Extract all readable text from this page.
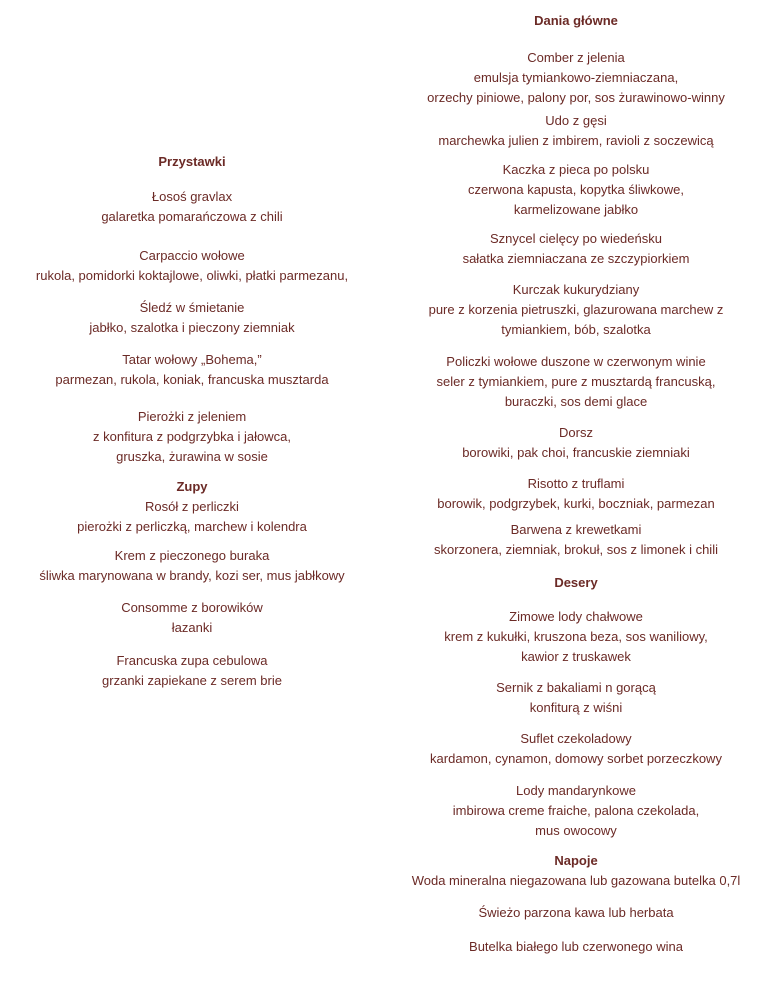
Przystawki
Łosoś gravlax
galaretka pomarańczowa z chili
Carpaccio wołowe
rukola, pomidorki koktajlowe, oliwki, płatki parmezanu,
Śledź w śmietanie
jabłko, szalotka i pieczony ziemniak
Tatar wołowy „Bohema,”
parmezan, rukola, koniak, francuska musztarda
Pierożki z jeleniem
z konfitura z podgrzybka i jałowca,
gruszka, żurawina w sosie
Zupy
Rosół z perliczki
pierożki z perliczką, marchew i kolendra
Krem z pieczonego buraka
śliwka marynowana w brandy, kozi ser, mus jabłkowy
Consomme z borowików
łazanki
Francuska zupa cebulowa
grzanki zapiekane z serem brie
Dania główne
Comber z jelenia
emulsja tymiankowo-ziemniaczana,
orzechy piniowe, palony por, sos żurawinowo-winny
Udo z gęsi
marchewka julien z imbirem, ravioli z soczewicą
Kaczka z pieca po polsku
czerwona kapusta, kopytka śliwkowe,
karmelizowane jabłko
Sznycel cielęcy po wiedeńsku
sałatka ziemniaczana ze szczypiorkiem
Kurczak kukurydziany
pure z korzenia pietruszki, glazurowana marchew z
tymiankiem, bób, szalotka
Policzki wołowe duszone w czerwonym winie
seler z tymiankiem, pure z musztardą francuską,
buraczki, sos demi glace
Dorsz
borowiki, pak choi, francuskie ziemniaki
Risotto z truflami
borowik, podgrzybek, kurki, boczniak, parmezan
Barwena z krewetkami
skorzonera, ziemniak, brokuł, sos z limonek i chili
Desery
Zimowe lody chałwowe
krem z kukułki, kruszona beza, sos waniliowy,
kawior z truskawek
Sernik z bakaliami n gorącą
konfiturą z wiśni
Suflet czekoladowy
kardamon, cynamon, domowy sorbet porzeczkowy
Lody mandarynkowe
imbirowa creme fraiche, palona czekolada,
mus owocowy
Napoje
Woda mineralna niegazowana lub gazowana butelka 0,7l
Świeżo parzona kawa lub herbata
Butelka białego lub czerwonego wina
